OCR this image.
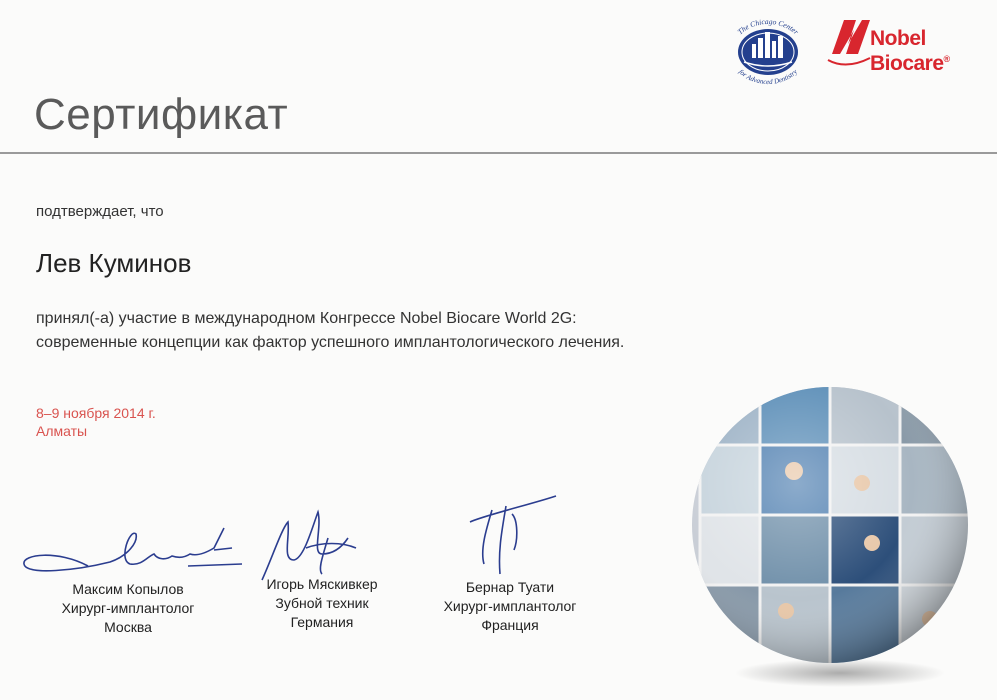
The Chicago Center
for Advanced Dentistry
Nobel
Biocare®
Сертификат
подтверждает, что
Лев Куминов
принял(-а) участие в международном Конгрессе Nobel Biocare World 2G:
современные концепции как фактор успешного имплантологического лечения.
8–9 ноября 2014 г.
Алматы
Максим Копылов
Хирург-имплантолог
Москва
Игорь Мяскивкер
Зубной техник
Германия
Бернар Туати
Хирург-имплантолог
Франция
